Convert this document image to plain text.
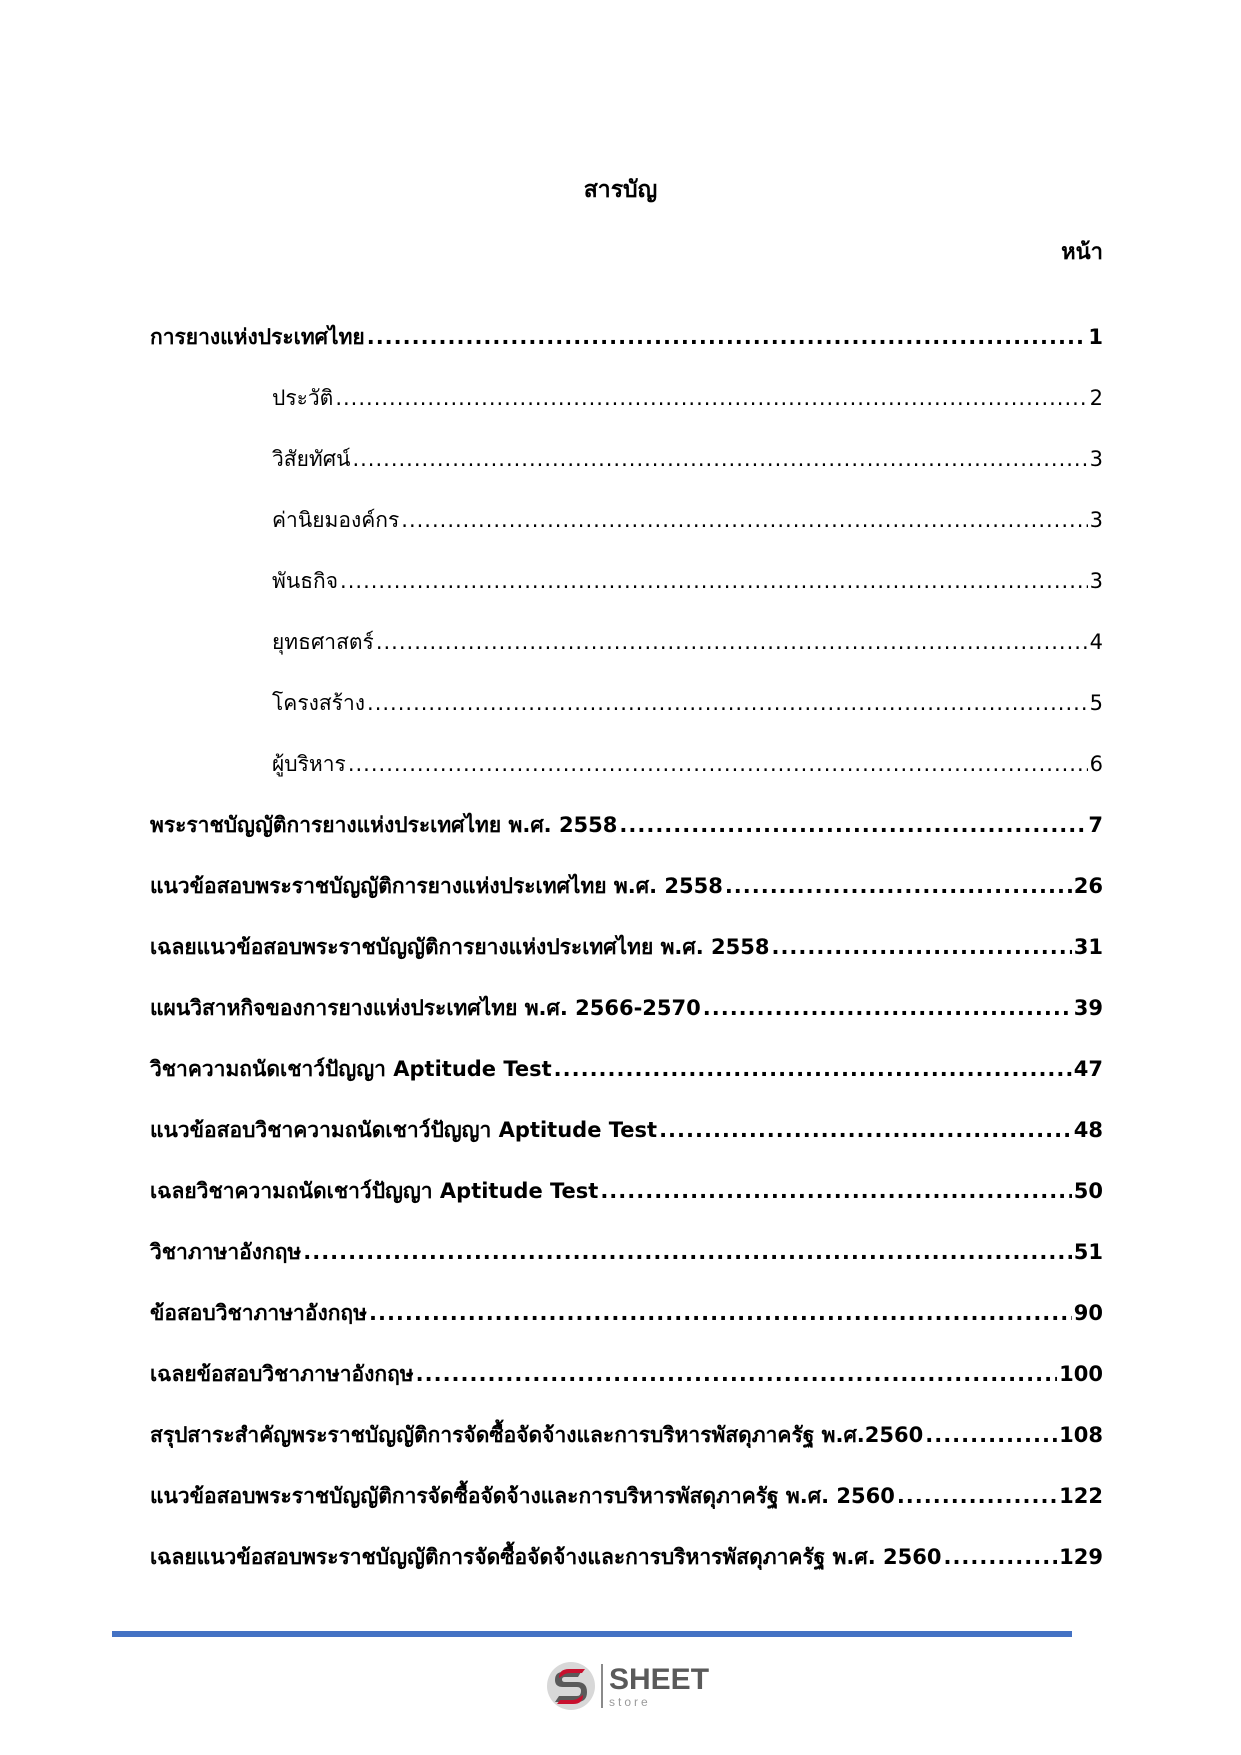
สารบัญ
หน้า
การยางแห่งประเทศไทย .....	1
ประวัติ .....	2
วิสัยทัศน์ .....	3
ค่านิยมองค์กร .....	3
พันธกิจ .....	3
ยุทธศาสตร์ .....	4
โครงสร้าง .....	5
ผู้บริหาร .....	6
พระราชบัญญัติการยางแห่งประเทศไทย พ.ศ. 2558 .....	7
แนวข้อสอบพระราชบัญญัติการยางแห่งประเทศไทย พ.ศ. 2558 .....	26
เฉลยแนวข้อสอบพระราชบัญญัติการยางแห่งประเทศไทย พ.ศ. 2558 .....	31
แผนวิสาหกิจของการยางแห่งประเทศไทย พ.ศ. 2566-2570 .....	39
วิชาความถนัดเชาว์ปัญญา Aptitude Test .....	47
แนวข้อสอบวิชาความถนัดเชาว์ปัญญา Aptitude Test .....	48
เฉลยวิชาความถนัดเชาว์ปัญญา Aptitude Test .....	50
วิชาภาษาอังกฤษ .....	51
ข้อสอบวิชาภาษาอังกฤษ .....	90
เฉลยข้อสอบวิชาภาษาอังกฤษ .....	100
สรุปสาระสำคัญพระราชบัญญัติการจัดซื้อจัดจ้างและการบริหารพัสดุภาครัฐ พ.ศ.2560 .....	108
แนวข้อสอบพระราชบัญญัติการจัดซื้อจัดจ้างและการบริหารพัสดุภาครัฐ พ.ศ. 2560 .....	122
เฉลยแนวข้อสอบพระราชบัญญัติการจัดซื้อจัดจ้างและการบริหารพัสดุภาครัฐ พ.ศ. 2560 .....	129
SHEET
store
